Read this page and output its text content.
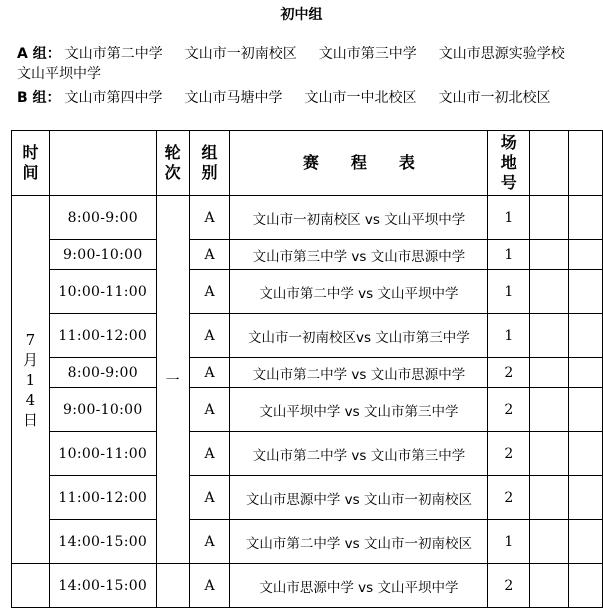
初中组
A 组： 文山市第二中学 文山市一初南校区 文山市第三中学 文山市思源实验学校
文山平坝中学
B 组： 文山市第四中学 文山市马塘中学 文山市一中北校区 文山市一初北校区
时间		轮次	组别	赛　　程　　表	场地号		
7月14日	8:00-9:00	一	A	文山市一初南校区 vs 文山平坝中学	1		
	9:00-10:00		A	文山市第三中学 vs 文山市思源中学	1		
	10:00-11:00		A	文山市第二中学 vs 文山平坝中学	1		
	11:00-12:00		A	文山市一初南校区vs 文山市第三中学	1		
	8:00-9:00		A	文山市第二中学 vs 文山市思源中学	2		
	9:00-10:00		A	文山平坝中学 vs 文山市第三中学	2		
	10:00-11:00		A	文山市第二中学 vs 文山市第三中学	2		
	11:00-12:00		A	文山市思源中学 vs 文山市一初南校区	2		
	14:00-15:00		A	文山市第二中学 vs 文山市一初南校区	1		
	14:00-15:00		A	文山市思源中学 vs 文山平坝中学	2		
